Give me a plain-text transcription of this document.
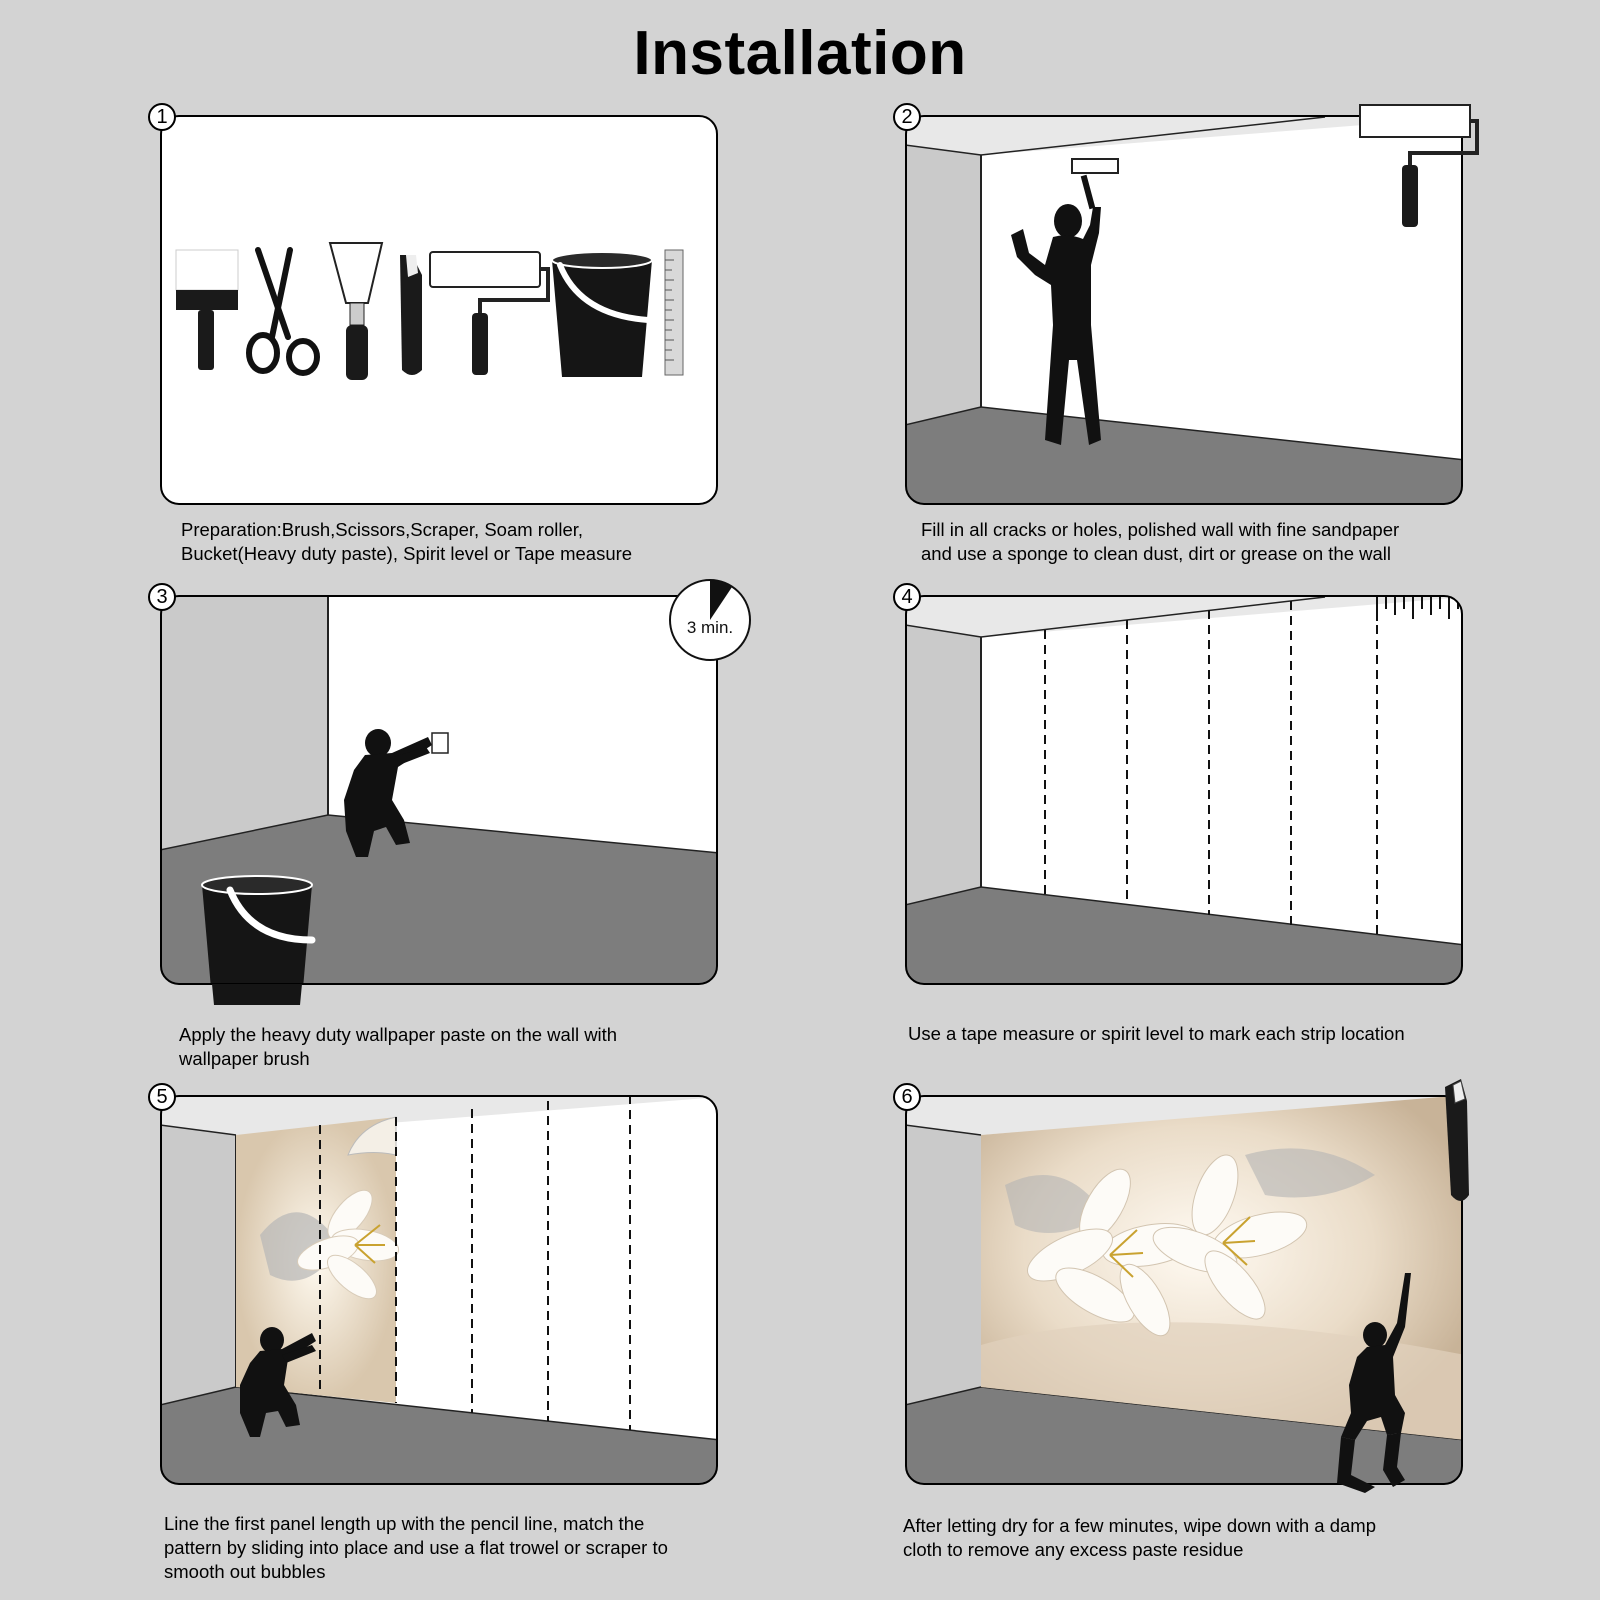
Installation
1
Preparation:Brush,Scissors,Scraper, Soam roller,
Bucket(Heavy duty paste), Spirit level or Tape measure
2
Fill in all cracks or holes, polished wall with fine sandpaper
and use a sponge to clean dust, dirt or grease on the wall
3 min.
3
Apply the heavy duty wallpaper paste on the wall with
wallpaper brush
4
Use a tape measure or spirit level to mark each strip location
5
Line the first panel length up with the pencil line, match the
pattern by sliding into place and use a flat trowel or scraper to
smooth out bubbles
6
After letting dry for a few minutes, wipe down with a damp
cloth to remove any excess paste residue
